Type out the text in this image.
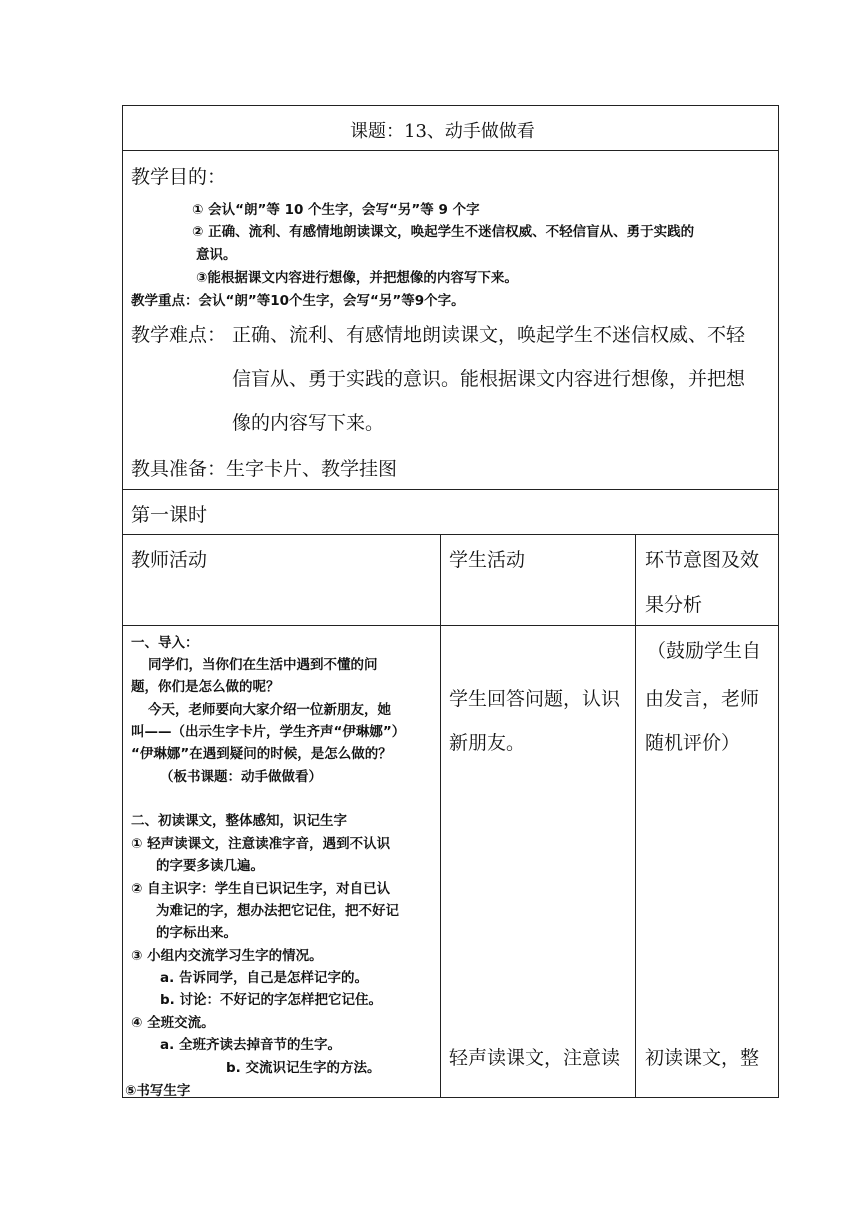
课题：13、动手做做看
教学目的：
① 会认“朗”等 10 个生字，会写“另”等 9 个字
② 正确、流利、有感情地朗读课文，唤起学生不迷信权威、不轻信盲从、勇于实践的
意识。
③能根据课文内容进行想像，并把想像的内容写下来。
教学重点：会认“朗”等10个生字，会写“另”等9个字。
教学难点： 正确、流利、有感情地朗读课文，唤起学生不迷信权威、不轻
信盲从、勇于实践的意识。能根据课文内容进行想像，并把想
像的内容写下来。
教具准备：生字卡片、教学挂图
第一课时
教师活动	学生活动	环节意图及效
果分析
一、导入：
同学们，当你们在生活中遇到不懂的问
题，你们是怎么做的呢？
今天，老师要向大家介绍一位新朋友，她
叫——（出示生字卡片，学生齐声“伊琳娜”）
“伊琳娜”在遇到疑问的时候，是怎么做的？
（板书课题：动手做做看）
二、初读课文，整体感知，识记生字
① 轻声读课文，注意读准字音，遇到不认识
的字要多读几遍。
② 自主识字：学生自已识记生字，对自已认
为难记的字，想办法把它记住，把不好记
的字标出来。
③ 小组内交流学习生字的情况。
a. 告诉同学，自己是怎样记字的。
b. 讨论：不好记的字怎样把它记住。
④ 全班交流。
a. 全班齐读去掉音节的生字。
b. 交流识记生字的方法。
⑤书写生字
学生回答问题，认识
新朋友。
轻声读课文，注意读
（鼓励学生自
由发言，老师
随机评价）
初读课文，整
